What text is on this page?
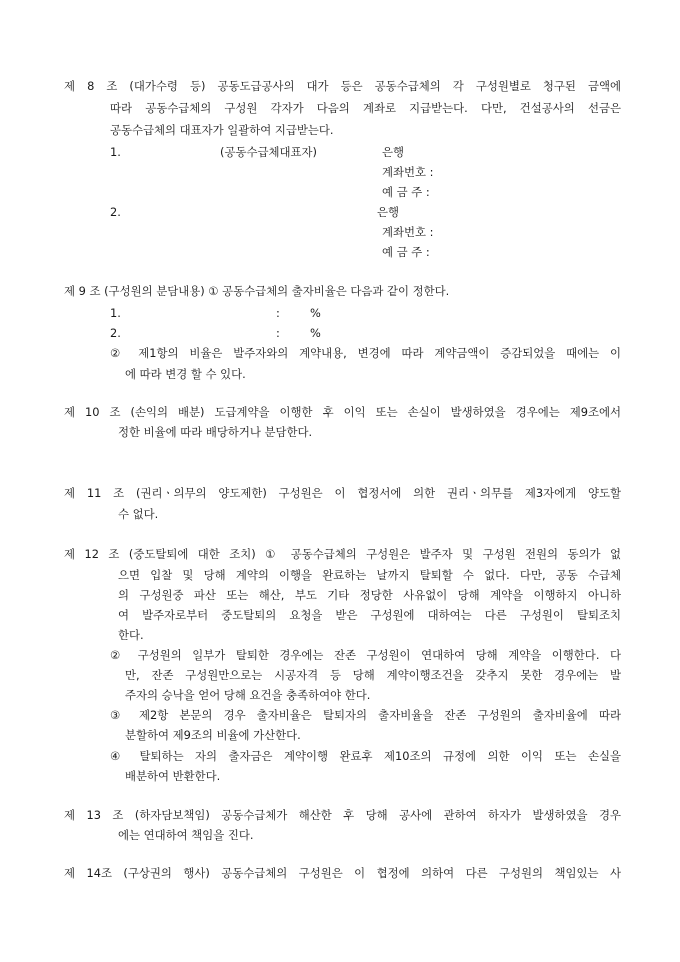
제 8 조 (대가수령 등) 공동도급공사의 대가 등은 공동수급체의 각 구성원별로 청구된 금액에
따라 공동수급체의 구성원 각자가 다음의 계좌로 지급받는다. 다만, 건설공사의 선금은
공동수급체의 대표자가 일괄하여 지급받는다.
1.	(공동수급체대표자)	은행
계좌번호 :
예 금 주 :
2.	은행
계좌번호 :
예 금 주 :
제 9 조 (구성원의 분담내용) ① 공동수급체의 출자비율은 다음과 같이 정한다.
1.	:	%
2.	:	%
② 제1항의 비율은 발주자와의 계약내용, 변경에 따라 계약금액이 증감되었을 때에는 이
에 따라 변경 할 수 있다.
제 10 조 (손익의 배분) 도급계약을 이행한 후 이익 또는 손실이 발생하였을 경우에는 제9조에서
정한 비율에 따라 배당하거나 분담한다.
제 11 조 (권리ㆍ의무의 양도제한) 구성원은 이 협정서에 의한 권리ㆍ의무를 제3자에게 양도할
수 없다.
제 12 조 (중도탈퇴에 대한 조치) ① 공동수급체의 구성원은 발주자 및 구성원 전원의 동의가 없
으면 입찰 및 당해 계약의 이행을 완료하는 날까지 탈퇴할 수 없다. 다만, 공동 수급체
의 구성원중 파산 또는 해산, 부도 기타 정당한 사유없이 당해 계약을 이행하지 아니하
여 발주자로부터 중도탈퇴의 요청을 받은 구성원에 대하여는 다른 구성원이 탈퇴조치
한다.
② 구성원의 일부가 탈퇴한 경우에는 잔존 구성원이 연대하여 당해 계약을 이행한다. 다
만, 잔존 구성원만으로는 시공자격 등 당해 계약이행조건을 갖추지 못한 경우에는 발
주자의 승낙을 얻어 당해 요건을 충족하여야 한다.
③ 제2항 본문의 경우 출자비율은 탈퇴자의 출자비율을 잔존 구성원의 출자비율에 따라
분할하여 제9조의 비율에 가산한다.
④ 탈퇴하는 자의 출자금은 계약이행 완료후 제10조의 규정에 의한 이익 또는 손실을
배분하여 반환한다.
제 13 조 (하자담보책임) 공동수급체가 해산한 후 당해 공사에 관하여 하자가 발생하였을 경우
에는 연대하여 책임을 진다.
제 14조 (구상권의 행사) 공동수급체의 구성원은 이 협정에 의하여 다른 구성원의 책임있는 사
